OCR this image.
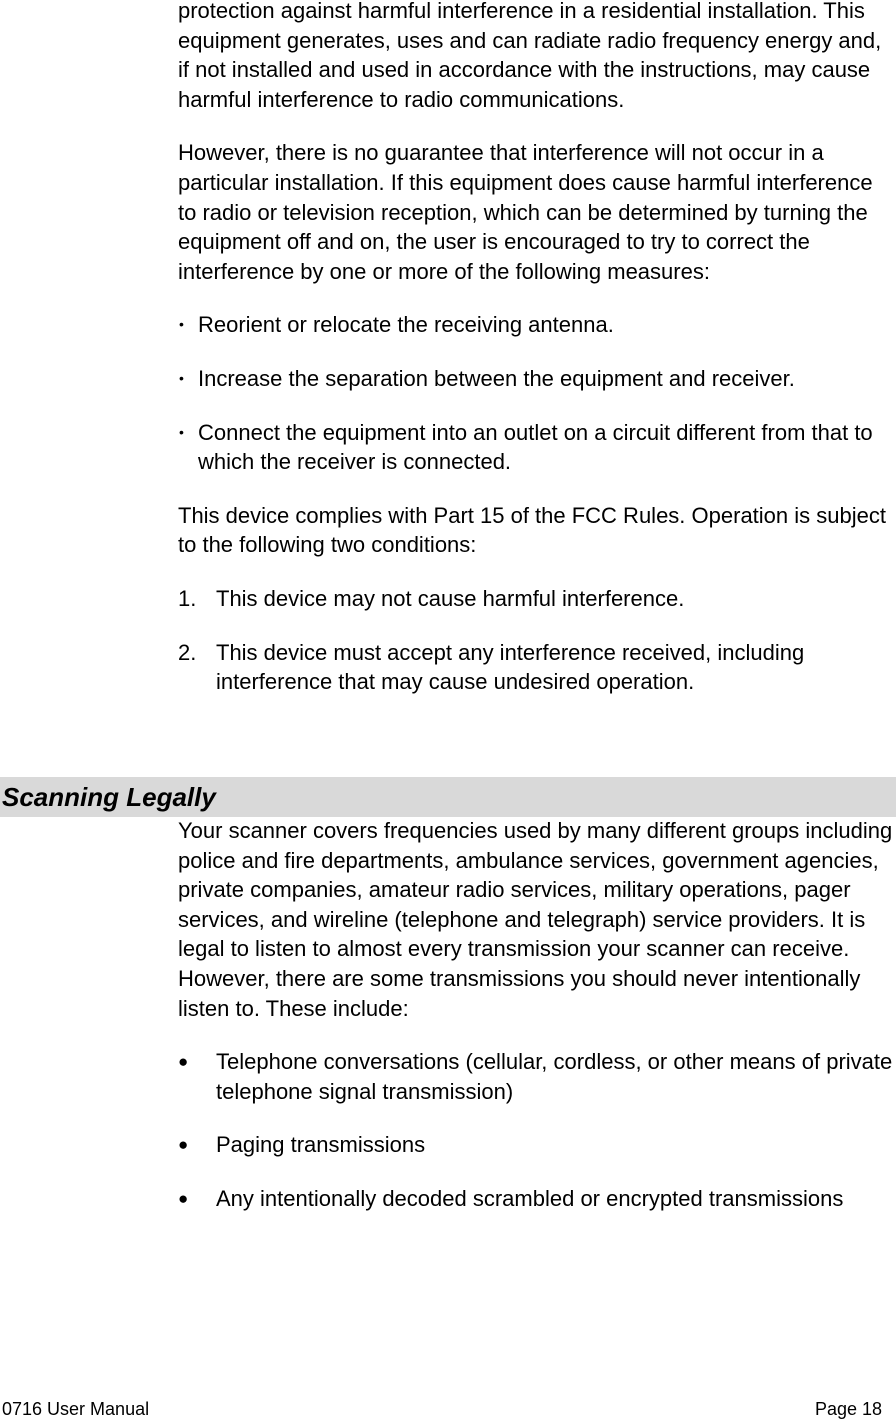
protection against harmful interference in a residential installation. This equipment generates, uses and can radiate radio frequency energy and, if not installed and used in accordance with the instructions, may cause harmful interference to radio communications.

However, there is no guarantee that interference will not occur in a particular installation. If this equipment does cause harmful interference to radio or television reception, which can be determined by turning the equipment off and on, the user is encouraged to try to correct the interference by one or more of the following measures:

• Reorient or relocate the receiving antenna.
• Increase the separation between the equipment and receiver.
• Connect the equipment into an outlet on a circuit different from that to which the receiver is connected.

This device complies with Part 15 of the FCC Rules. Operation is subject to the following two conditions:

1. This device may not cause harmful interference.
2. This device must accept any interference received, including interference that may cause undesired operation.
Scanning Legally

Your scanner covers frequencies used by many different groups including police and fire departments, ambulance services, government agencies, private companies, amateur radio services, military operations, pager services, and wireline (telephone and telegraph) service providers. It is legal to listen to almost every transmission your scanner can receive. However, there are some transmissions you should never intentionally listen to. These include:

● Telephone conversations (cellular, cordless, or other means of private telephone signal transmission)
● Paging transmissions
● Any intentionally decoded scrambled or encrypted transmissions
0716 User Manual	Page 18
